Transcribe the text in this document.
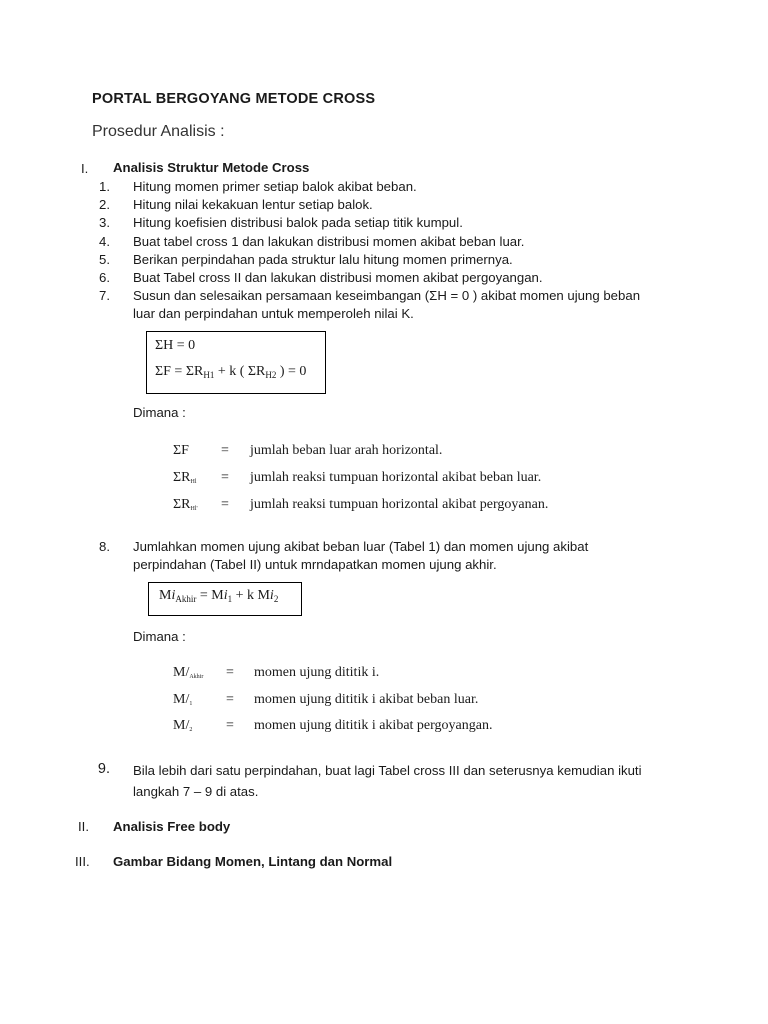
PORTAL BERGOYANG METODE CROSS
Prosedur Analisis :
I. Analisis Struktur Metode Cross
1. Hitung momen primer setiap balok akibat beban.
2. Hitung nilai kekakuan lentur setiap balok.
3. Hitung koefisien distribusi balok pada setiap titik kumpul.
4. Buat tabel cross 1 dan lakukan distribusi momen akibat beban luar.
5. Berikan perpindahan pada struktur lalu hitung momen primernya.
6. Buat Tabel cross II dan lakukan distribusi momen akibat pergoyangan.
7. Susun dan selesaikan persamaan keseimbangan (ΣH = 0 ) akibat momen ujung beban
luar dan perpindahan untuk memperoleh nilai K.
ΣH = 0
$\Sigma F = \Sigma R_{H1} + k$ ( $\Sigma R_{H2}$ ) = 0
Dimana :
ΣF = jumlah beban luar arah horizontal.
$\Sigma R_{Hl}$ = jumlah reaksi tumpuan horizontal akibat beban luar.
$\Sigma R_{Hl'}$ = jumlah reaksi tumpuan horizontal akibat pergoyanan.
8. Jumlahkan momen ujung akibat beban luar (Tabel 1) dan momen ujung akibat
perpindahan (Tabel II) untuk mrndapatkan momen ujung akhir.
$Mi_{Akhir} = Mi_1 + k$ $Mi_2$
Dimana :
$M/_{Akhir}$ = momen ujung dititik i.
$M/_1$ = momen ujung dititik i akibat beban luar.
$M/_2$ = momen ujung dititik i akibat pergoyangan.
9. Bila lebih dari satu perpindahan, buat lagi Tabel cross III dan seterusnya kemudian ikuti
langkah 7 – 9 di atas.
II. Analisis Free body
III. Gambar Bidang Momen, Lintang dan Normal
